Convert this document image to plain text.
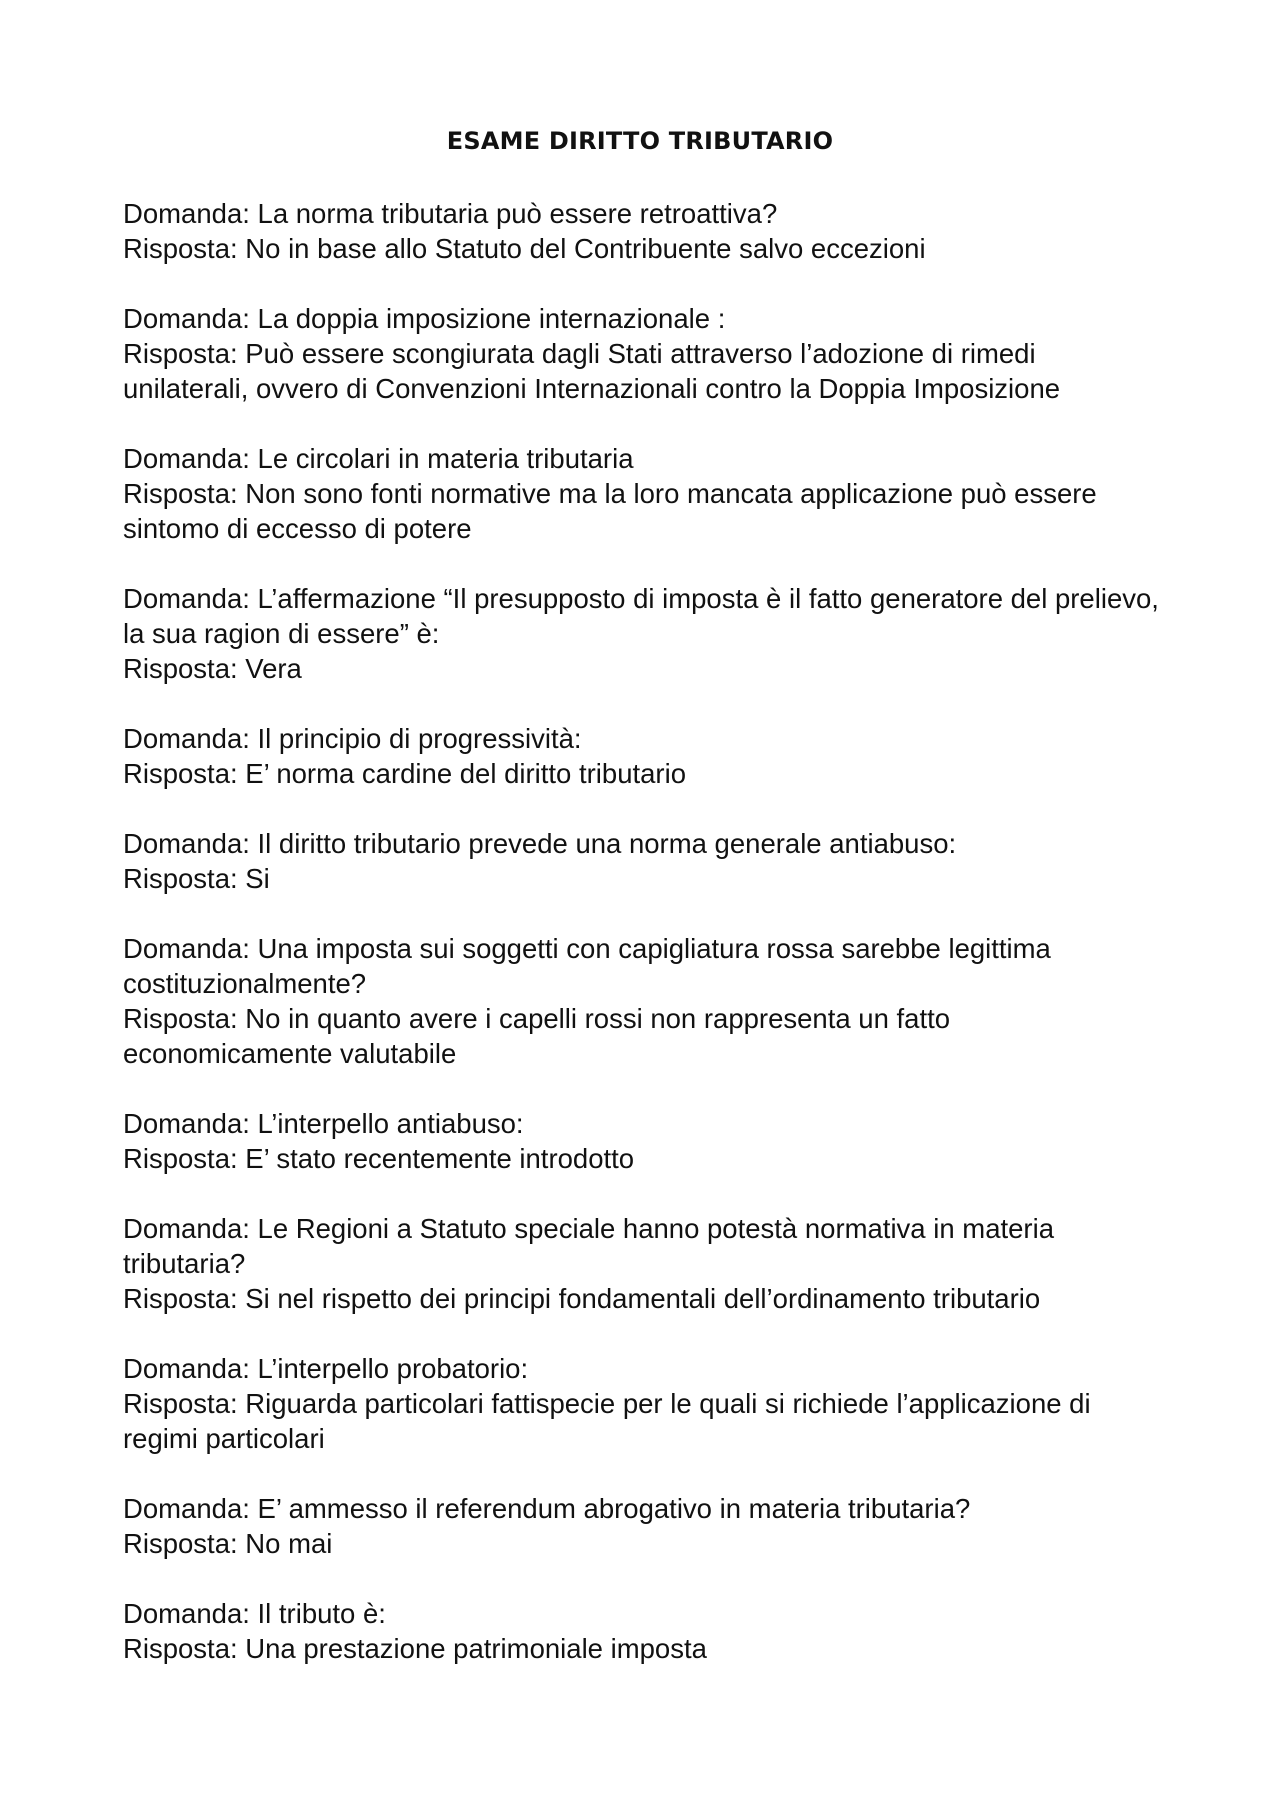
ESAME DIRITTO TRIBUTARIO

Domanda: La norma tributaria può essere retroattiva?

Risposta: No in base allo Statuto del Contribuente salvo eccezioni

Domanda: La doppia imposizione internazionale :

Risposta: Può essere scongiurata dagli Stati attraverso l’adozione di rimedi unilaterali, ovvero di Convenzioni Internazionali contro la Doppia Imposizione

Domanda: Le circolari in materia tributaria

Risposta: Non sono fonti normative ma la loro mancata applicazione può essere sintomo di eccesso di potere

Domanda: L’affermazione “Il presupposto di imposta è il fatto generatore del prelievo, la sua ragion di essere” è:

Risposta: Vera

Domanda: Il principio di progressività:

Risposta: E’ norma cardine del diritto tributario

Domanda: Il diritto tributario prevede una norma generale antiabuso:

Risposta: Si

Domanda: Una imposta sui soggetti con capigliatura rossa sarebbe legittima costituzionalmente?

Risposta: No in quanto avere i capelli rossi non rappresenta un fatto economicamente valutabile

Domanda: L’interpello antiabuso:

Risposta: E’ stato recentemente introdotto

Domanda: Le Regioni a Statuto speciale hanno potestà normativa in materia tributaria?

Risposta: Si nel rispetto dei principi fondamentali dell’ordinamento tributario

Domanda: L’interpello probatorio:

Risposta: Riguarda particolari fattispecie per le quali si richiede l’applicazione di regimi particolari

Domanda: E’ ammesso il referendum abrogativo in materia tributaria?

Risposta: No mai

Domanda: Il tributo è:

Risposta: Una prestazione patrimoniale imposta
